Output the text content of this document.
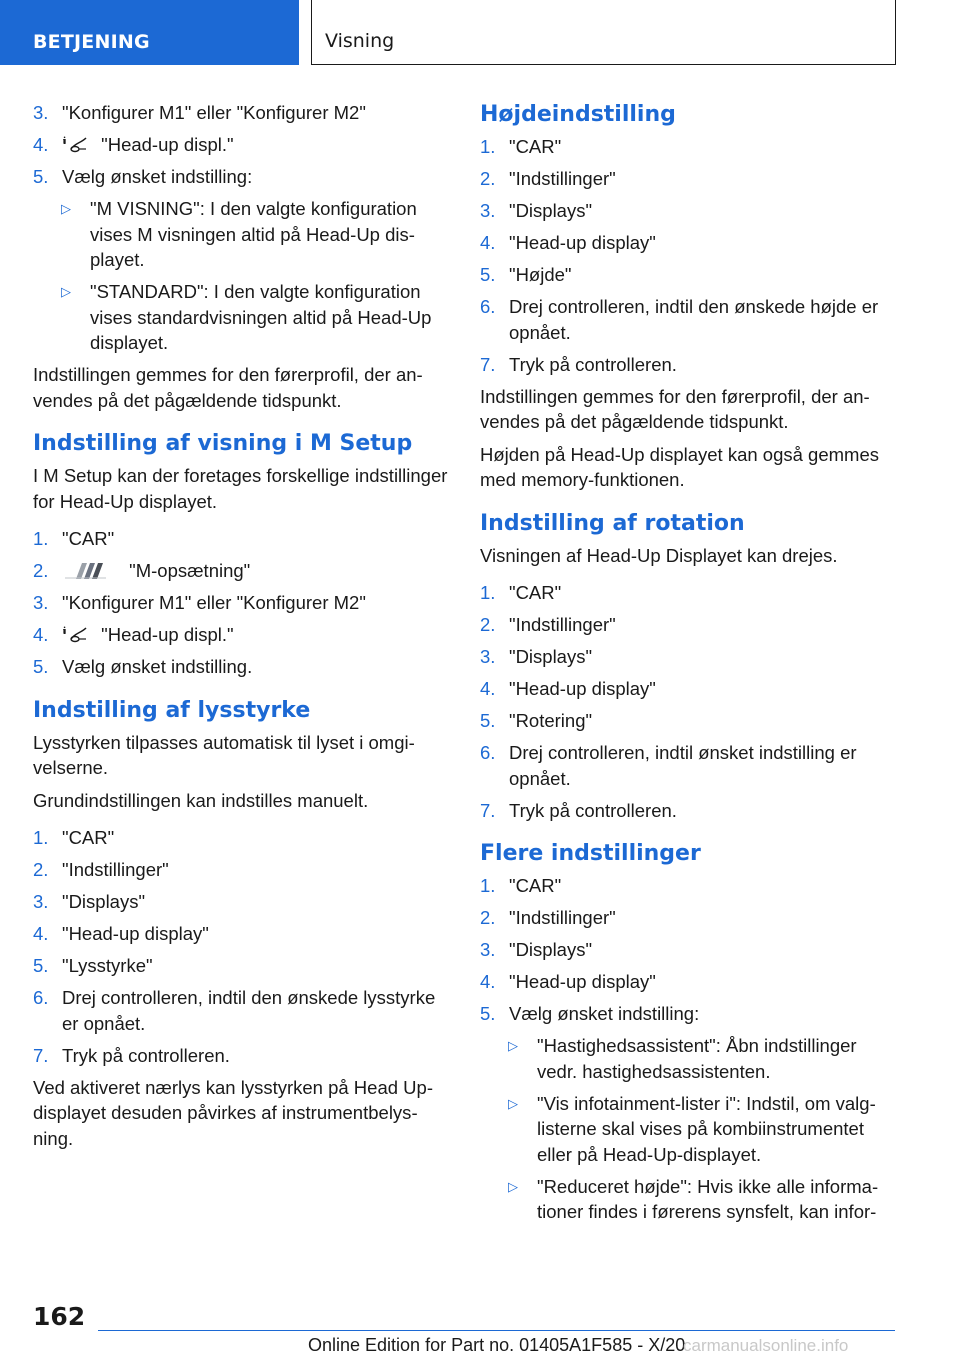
BETJENING	Visning
3. "Konfigurer M1" eller "Konfigurer M2"
4. i "Head-up displ."
5. Vælg ønsket indstilling:
▷ "M VISNING": I den valgte konfiguration vises M visningen altid på Head-Up displayet.
▷ "STANDARD": I den valgte konfiguration vises standardvisningen altid på Head-Up displayet.

Indstillingen gemmes for den førerprofil, der anvendes på det pågældende tidspunkt.

Indstilling af visning i M Setup

I M Setup kan der foretages forskellige indstillinger for Head-Up displayet.

1. "CAR"
2.	"M-opsætning"
3. "Konfigurer M1" eller "Konfigurer M2"
4. i "Head-up displ."
5. Vælg ønsket indstilling.
Indstilling af lysstyrke

Lysstyrken tilpasses automatisk til lyset i omgivelserne.

Grundindstillingen kan indstilles manuelt.

1. "CAR"
2. "Indstillinger"
3. "Displays"
4. "Head-up display"
5. "Lysstyrke"
6. Drej controlleren, indtil den ønskede lysstyrke er opnået.
7. Tryk på controlleren.

Ved aktiveret nærlys kan lysstyrken på Head Up-displayet desuden påvirkes af instrumentbelysning.

Højdeindstilling
1. "CAR"
2. "Indstillinger"
3. "Displays"
4. "Head-up display"
5. "Højde"
6. Drej controlleren, indtil den ønskede højde er opnået.
7. Tryk på controlleren.

Indstillingen gemmes for den førerprofil, der anvendes på det pågældende tidspunkt.

Højden på Head-Up displayet kan også gemmes med memory-funktionen.

Indstilling af rotation

Visningen af Head-Up Displayet kan drejes.

1. "CAR"
2. "Indstillinger"
3. "Displays"
4. "Head-up display"
5. "Rotering"
6. Drej controlleren, indtil ønsket indstilling er opnået.
7. Tryk på controlleren.
Flere indstillinger
1. "CAR"
2. "Indstillinger"
3. "Displays"
4. "Head-up display"
5. Vælg ønsket indstilling:
▷ "Hastighedsassistent": Åbn indstillinger vedr. hastighedsassistenten.
▷ "Vis infotainment-lister i": Indstil, om valglisterne skal vises på kombiinstrumentet eller på Head-Up-displayet.
▷ "Reduceret højde": Hvis ikke alle informationer findes i førerens synsfelt, kan infor-
162
Online Edition for Part no. 01405A1F585 - X/20
carmanualsonline.info
